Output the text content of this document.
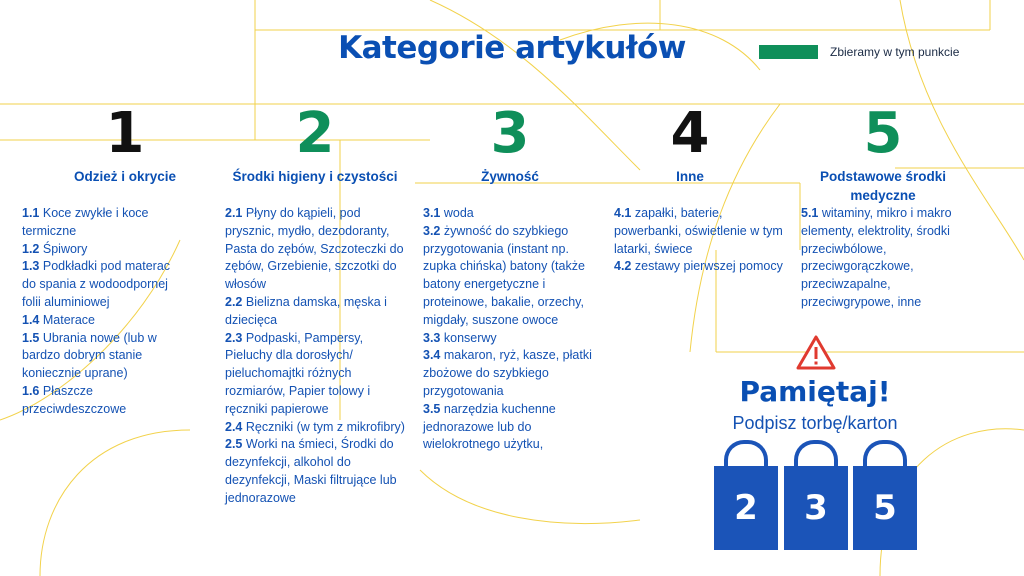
Kategorie artykułów	Zbieramy w tym punkcie
1
Odzież i okrycie
1.1 Koce zwykłe i koce termiczne
1.2 Śpiwory
1.3 Podkładki pod materac do spania z wodoodpornej folii aluminiowej
1.4 Materace
1.5 Ubrania nowe (lub w bardzo dobrym stanie koniecznie uprane)
1.6 Płaszcze przeciwdeszczowe
2
Środki higieny i czystości
2.1 Płyny do kąpieli, pod prysznic, mydło, dezodoranty, Pasta do zębów, Szczoteczki do zębów, Grzebienie, szczotki do włosów
2.2 Bielizna damska, męska i dziecięca
2.3 Podpaski, Pampersy, Pieluchy dla dorosłych/ pieluchomajtki różnych rozmiarów, Papier tolowy i ręczniki papierowe
2.4 Ręczniki (w tym z mikrofibry)
2.5 Worki na śmieci, Środki do dezynfekcji, alkohol do dezynfekcji, Maski filtrujące lub jednorazowe
3
Żywność
3.1 woda
3.2 żywność do szybkiego przygotowania (instant np. zupka chińska) batony (także batony energetyczne i proteinowe, bakalie, orzechy, migdały, suszone owoce
3.3 konserwy
3.4 makaron, ryż, kasze, płatki zbożowe do szybkiego przygotowania
3.5 narzędzia kuchenne jednorazowe lub do wielokrotnego użytku,
4
Inne
4.1 zapałki, baterie, powerbanki, oświetlenie w tym latarki, świece
4.2 zestawy pierwszej pomocy
5
Podstawowe środki medyczne
5.1 witaminy, mikro i makro elementy, elektrolity, środki przeciwbólowe, przeciwgorączkowe, przeciwzapalne, przeciwgrypowe, inne
Pamiętaj!
Podpisz torbę/karton
2	3	5
